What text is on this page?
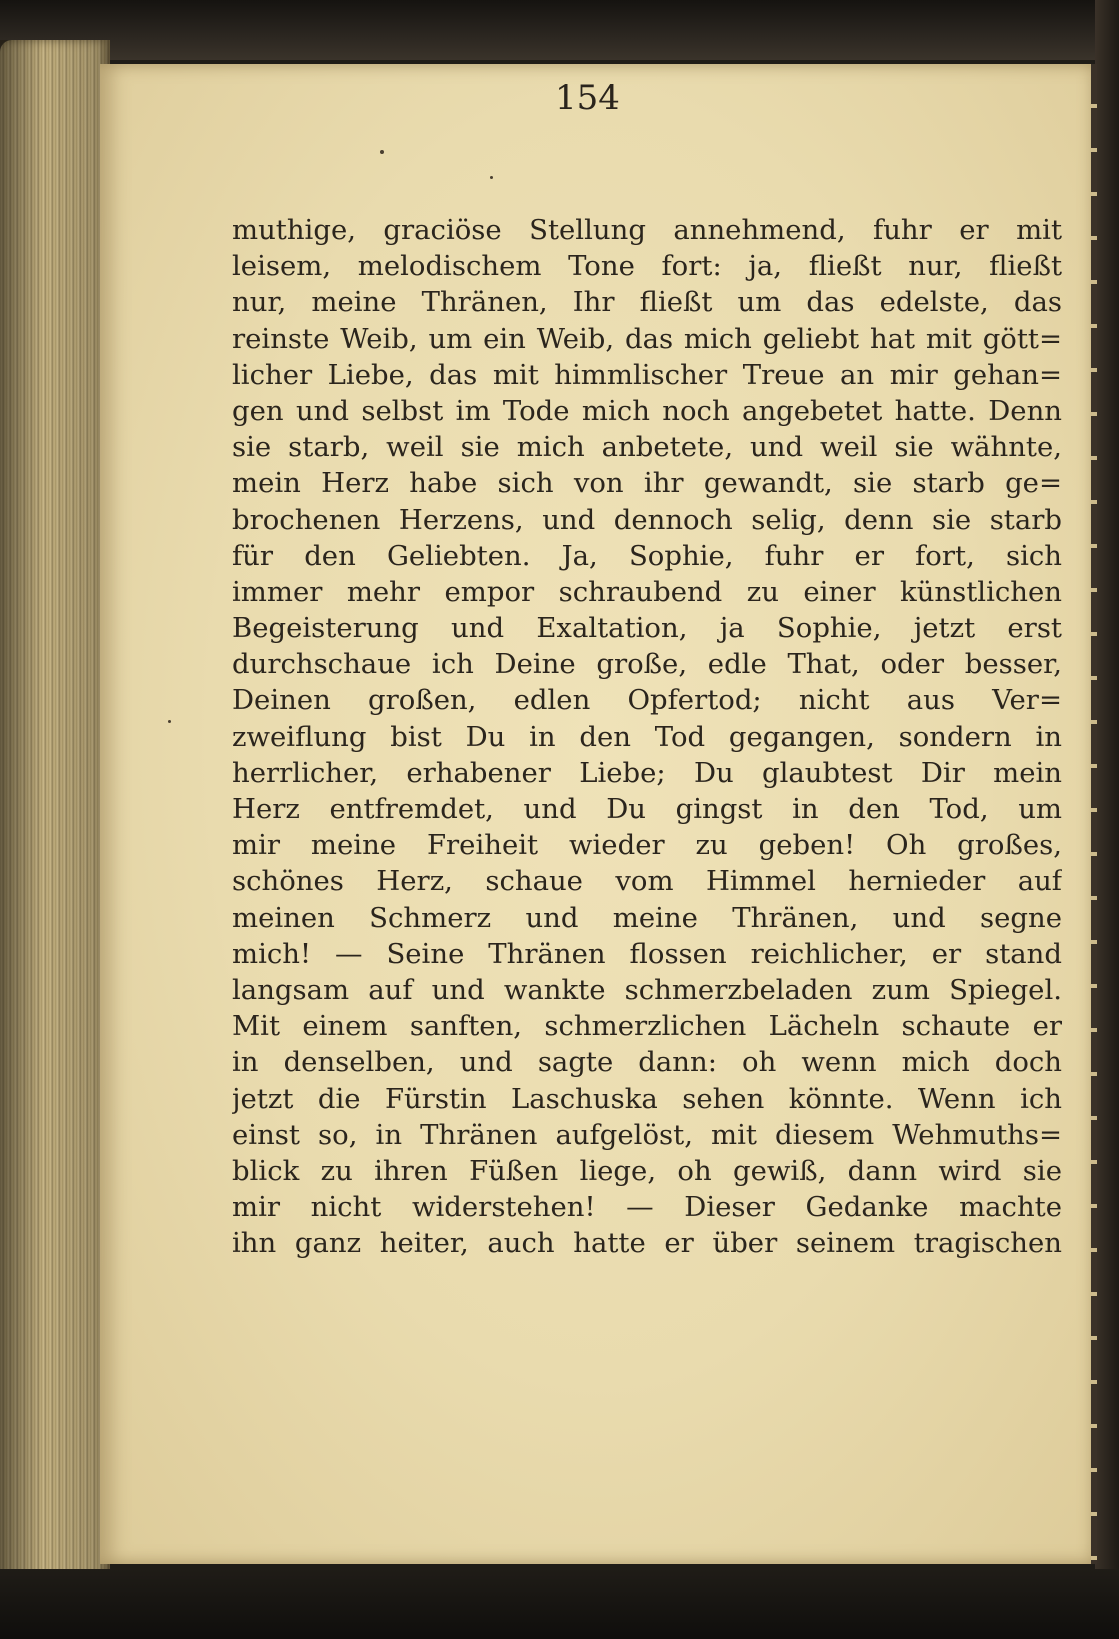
154
muthige, graciöse Stellung annehmend, fuhr er mit
leisem, melodischem Tone fort: ja, fließt nur, fließt
nur, meine Thränen, Ihr fließt um das edelste, das
reinste Weib, um ein Weib, das mich geliebt hat mit gött=
licher Liebe, das mit himmlischer Treue an mir gehan=
gen und selbst im Tode mich noch angebetet hatte. Denn
sie starb, weil sie mich anbetete, und weil sie wähnte,
mein Herz habe sich von ihr gewandt, sie starb ge=
brochenen Herzens, und dennoch selig, denn sie starb
für den Geliebten. Ja, Sophie, fuhr er fort, sich
immer mehr empor schraubend zu einer künstlichen
Begeisterung und Exaltation, ja Sophie, jetzt erst
durchschaue ich Deine große, edle That, oder besser,
Deinen großen, edlen Opfertod; nicht aus Ver=
zweiflung bist Du in den Tod gegangen, sondern in
herrlicher, erhabener Liebe; Du glaubtest Dir mein
Herz entfremdet, und Du gingst in den Tod, um
mir meine Freiheit wieder zu geben! Oh großes,
schönes Herz, schaue vom Himmel hernieder auf
meinen Schmerz und meine Thränen, und segne
mich! — Seine Thränen flossen reichlicher, er stand
langsam auf und wankte schmerzbeladen zum Spiegel.
Mit einem sanften, schmerzlichen Lächeln schaute er
in denselben, und sagte dann: oh wenn mich doch
jetzt die Fürstin Laschuska sehen könnte. Wenn ich
einst so, in Thränen aufgelöst, mit diesem Wehmuths=
blick zu ihren Füßen liege, oh gewiß, dann wird sie
mir nicht widerstehen! — Dieser Gedanke machte
ihn ganz heiter, auch hatte er über seinem tragischen
